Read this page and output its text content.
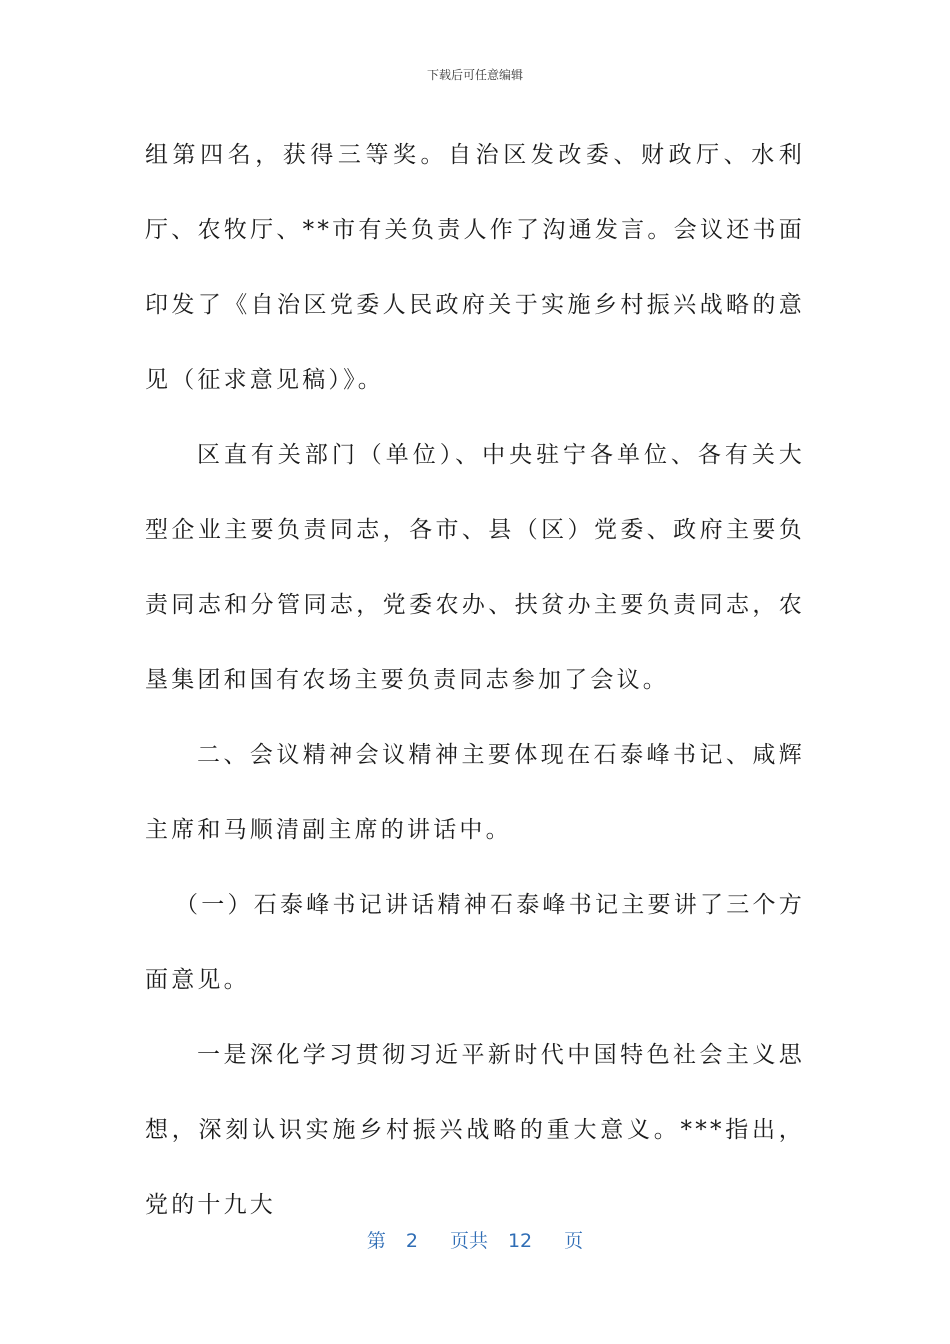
下载后可任意编辑

组第四名，获得三等奖。自治区发改委、财政厅、水利厅、农牧厅、**市有关负责人作了沟通发言。会议还书面印发了《自治区党委人民政府关于实施乡村振兴战略的意见（征求意见稿）》。

区直有关部门（单位）、中央驻宁各单位、各有关大型企业主要负责同志，各市、县（区）党委、政府主要负责同志和分管同志，党委农办、扶贫办主要负责同志，农垦集团和国有农场主要负责同志参加了会议。

二、会议精神会议精神主要体现在石泰峰书记、咸辉主席和马顺清副主席的讲话中。

（一）石泰峰书记讲话精神石泰峰书记主要讲了三个方面意见。

一是深化学习贯彻习近平新时代中国特色社会主义思想，深刻认识实施乡村振兴战略的重大意义。***指出，党的十九大

第 2 页共 12 页
